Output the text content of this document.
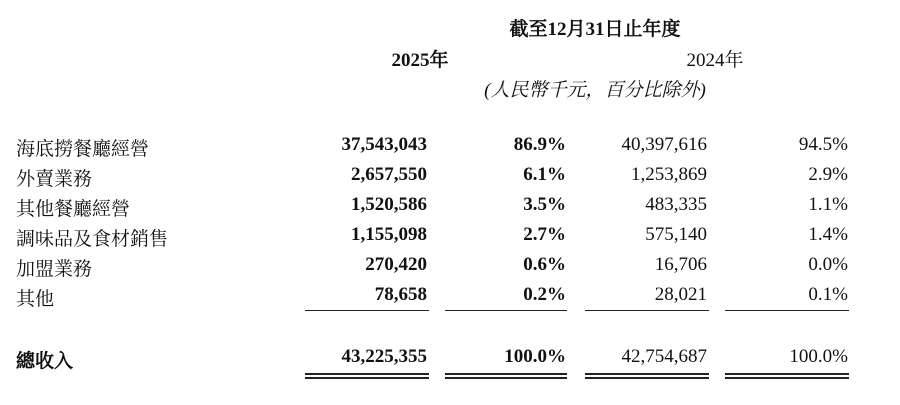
截至12月31日止年度
2025年	2024年
(人民幣千元，百分比除外)
海底撈餐廳經營	37,543,043	86.9%	40,397,616	94.5%
外賣業務	2,657,550	6.1%	1,253,869	2.9%
其他餐廳經營	1,520,586	3.5%	483,335	1.1%
調味品及食材銷售	1,155,098	2.7%	575,140	1.4%
加盟業務	270,420	0.6%	16,706	0.0%
其他	78,658	0.2%	28,021	0.1%
總收入	43,225,355	100.0%	42,754,687	100.0%
